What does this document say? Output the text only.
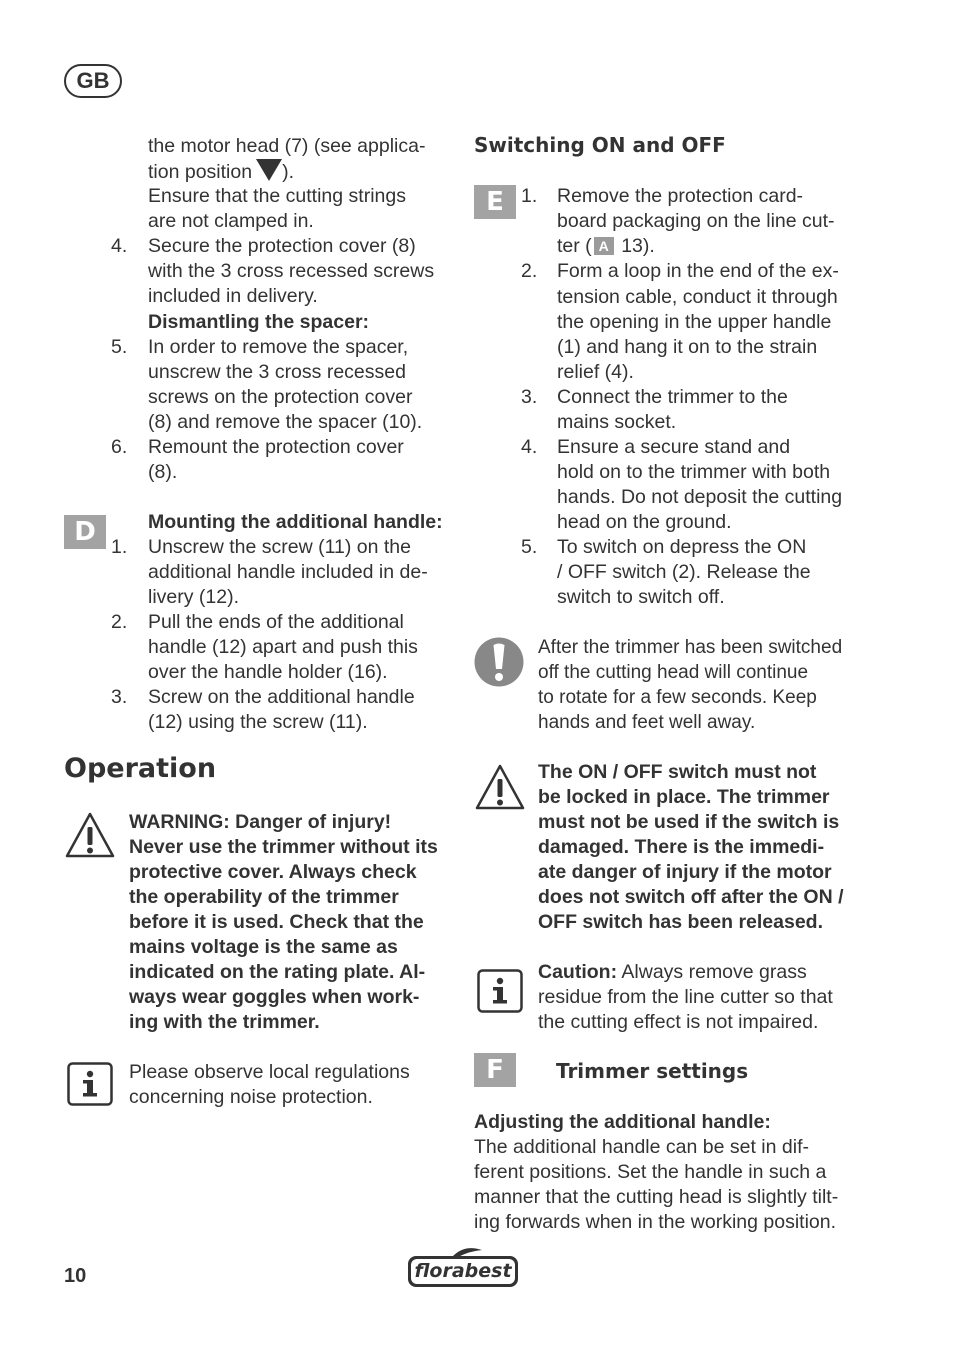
GB
the motor head (7) (see applica-
tion position ).
Ensure that the cutting strings
are not clamped in.
4. Secure the protection cover (8)
with the 3 cross recessed screws
included in delivery.
Dismantling the spacer:
5. In order to remove the spacer,
unscrew the 3 cross recessed
screws on the protection cover
(8) and remove the spacer (10).
6. Remount the protection cover
(8).
D	Mounting the additional handle:
1. Unscrew the screw (11) on the
additional handle included in de-
livery (12).
2. Pull the ends of the additional
handle (12) apart and push this
over the handle holder (16).
3. Screw on the additional handle
(12) using the screw (11).
Operation
WARNING: Danger of injury!
Never use the trimmer without its
protective cover. Always check
the operability of the trimmer
before it is used. Check that the
mains voltage is the same as
indicated on the rating plate. Al-
ways wear goggles when work-
ing with the trimmer.
Please observe local regulations
concerning noise protection.
Switching ON and OFF
E 1. Remove the protection card-
board packaging on the line cut-
ter ( A 13).
2. Form a loop in the end of the ex-
tension cable, conduct it through
the opening in the upper handle
(1) and hang it on to the strain
relief (4).
3. Connect the trimmer to the
mains socket.
4. Ensure a secure stand and
hold on to the trimmer with both
hands. Do not deposit the cutting
head on the ground.
5. To switch on depress the ON
/ OFF switch (2). Release the
switch to switch off.
After the trimmer has been switched
off the cutting head will continue
to rotate for a few seconds. Keep
hands and feet well away.
The ON / OFF switch must not
be locked in place. The trimmer
must not be used if the switch is
damaged. There is the immedi-
ate danger of injury if the motor
does not switch off after the ON /
OFF switch has been released.
Caution: Always remove grass
residue from the line cutter so that
the cutting effect is not impaired.
F	Trimmer settings
Adjusting the additional handle:
The additional handle can be set in dif-
ferent positions. Set the handle in such a
manner that the cutting head is slightly tilt-
ing forwards when in the working position.
10	florabest
